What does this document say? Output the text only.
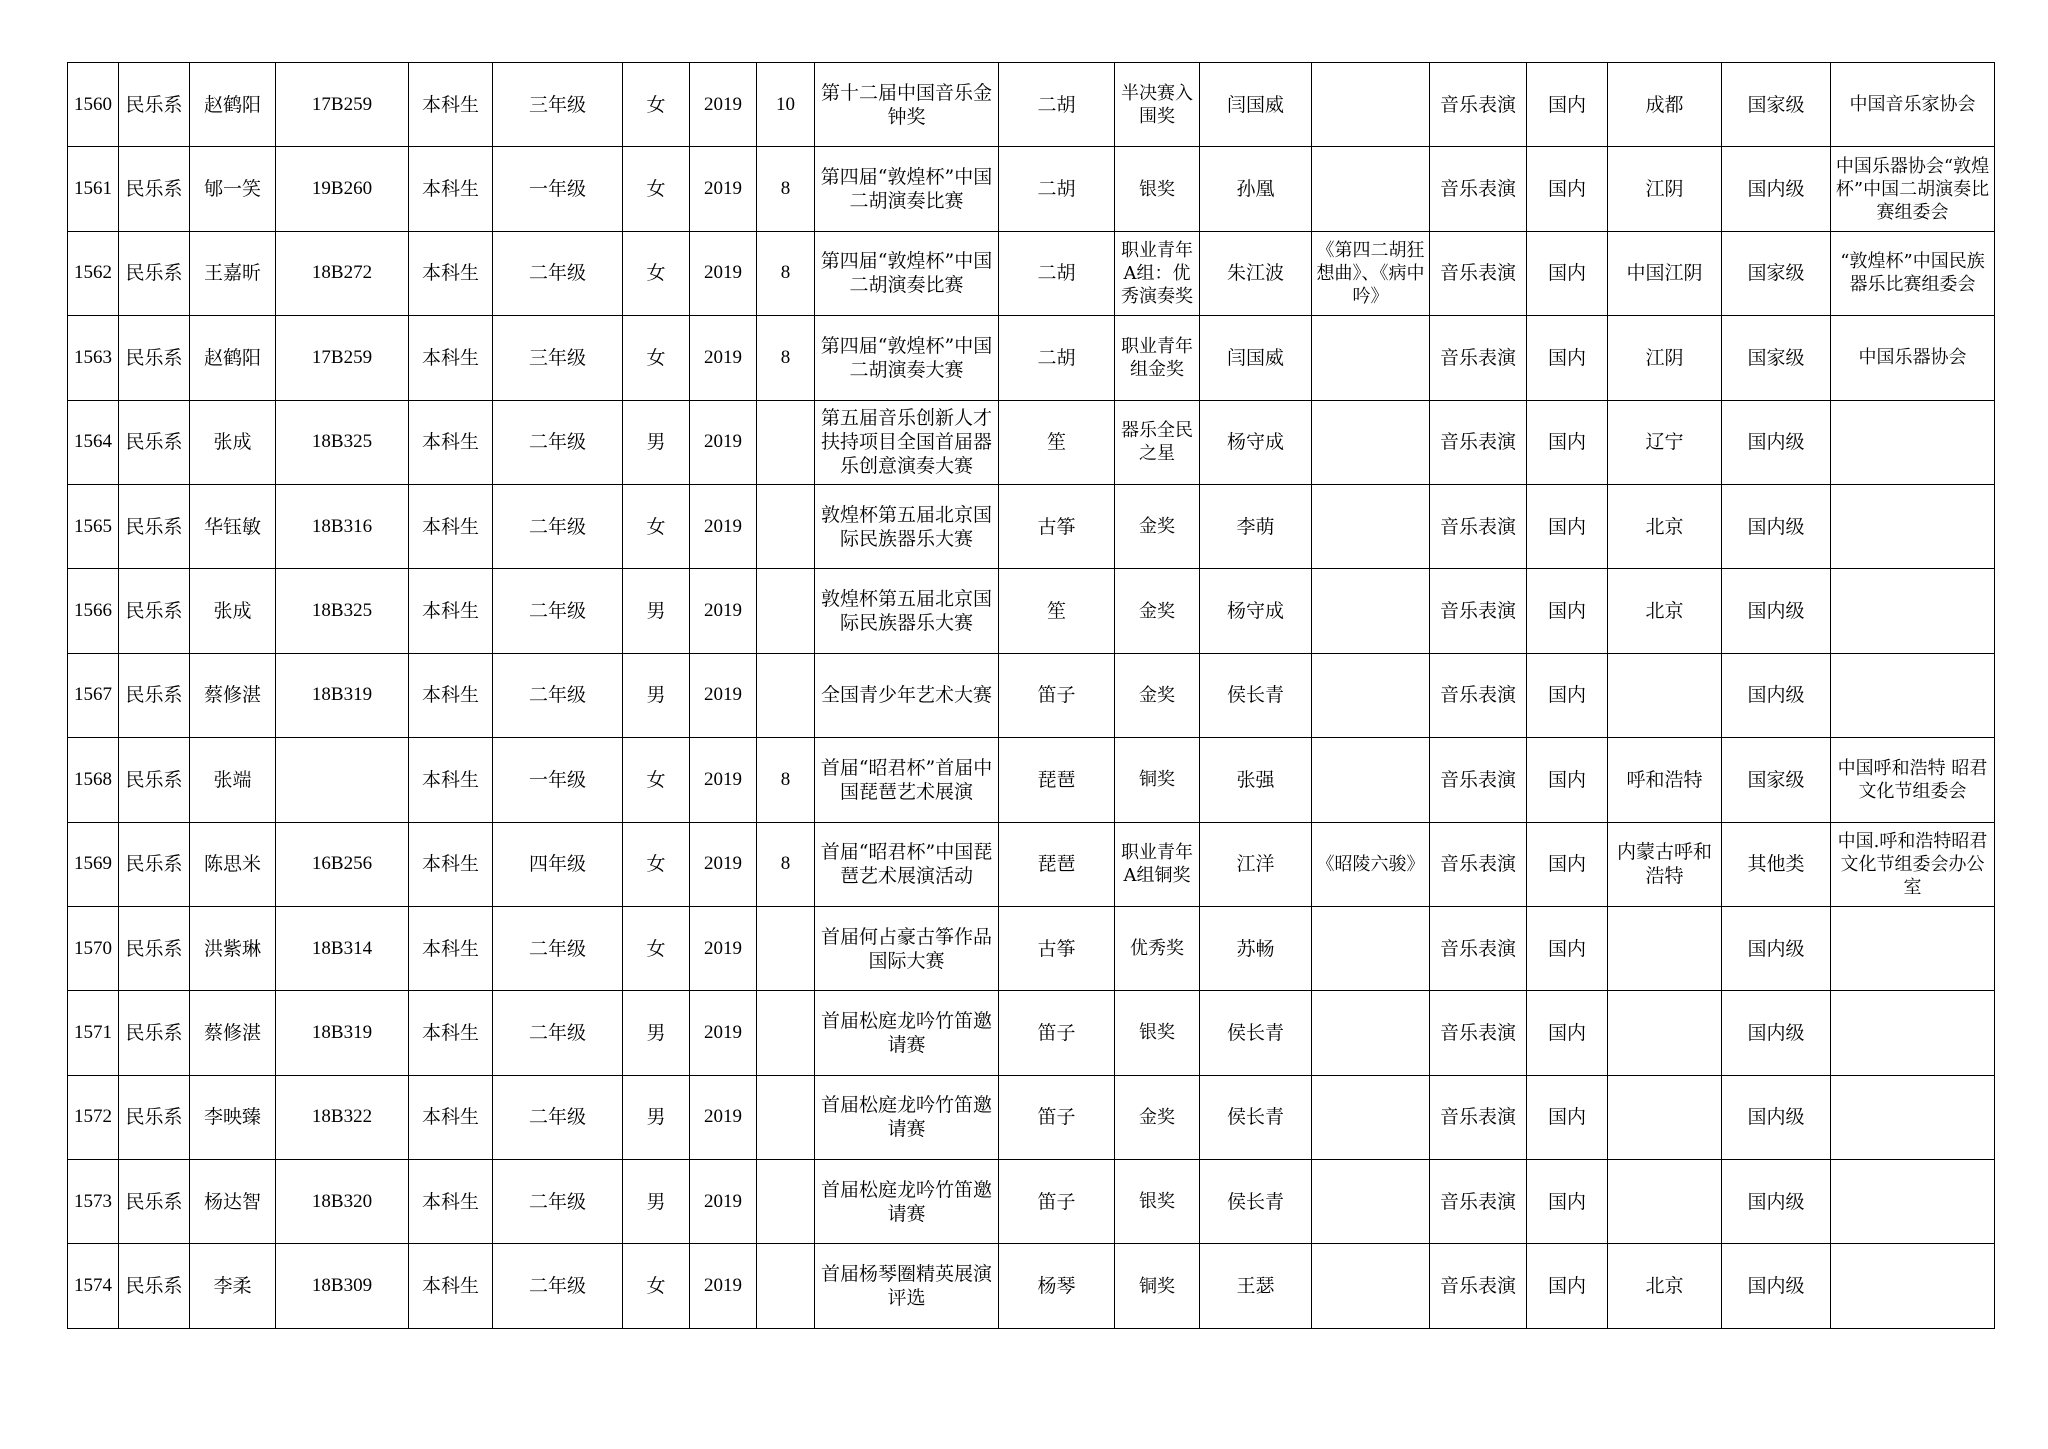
1560	民乐系	赵鹤阳	17B259	本科生	三年级	女	2019	10	第十二届中国音乐金钟奖	二胡	半决赛入围奖	闫国威		音乐表演	国内	成都	国家级	中国音乐家协会
1561	民乐系	郇一笑	19B260	本科生	一年级	女	2019	8	第四届“敦煌杯”中国二胡演奏比赛	二胡	银奖	孙凰		音乐表演	国内	江阴	国内级	中国乐器协会“敦煌杯”中国二胡演奏比赛组委会
1562	民乐系	王嘉昕	18B272	本科生	二年级	女	2019	8	第四届“敦煌杯”中国二胡演奏比赛	二胡	职业青年A组：优秀演奏奖	朱江波	《第四二胡狂想曲》、《病中吟》	音乐表演	国内	中国江阴	国家级	“敦煌杯”中国民族器乐比赛组委会
1563	民乐系	赵鹤阳	17B259	本科生	三年级	女	2019	8	第四届“敦煌杯”中国二胡演奏大赛	二胡	职业青年组金奖	闫国威		音乐表演	国内	江阴	国家级	中国乐器协会
1564	民乐系	张成	18B325	本科生	二年级	男	2019		第五届音乐创新人才扶持项目全国首届器乐创意演奏大赛	笙	器乐全民之星	杨守成		音乐表演	国内	辽宁	国内级	
1565	民乐系	华钰敏	18B316	本科生	二年级	女	2019		敦煌杯第五届北京国际民族器乐大赛	古筝	金奖	李萌		音乐表演	国内	北京	国内级	
1566	民乐系	张成	18B325	本科生	二年级	男	2019		敦煌杯第五届北京国际民族器乐大赛	笙	金奖	杨守成		音乐表演	国内	北京	国内级	
1567	民乐系	蔡修湛	18B319	本科生	二年级	男	2019		全国青少年艺术大赛	笛子	金奖	侯长青		音乐表演	国内		国内级	
1568	民乐系	张端		本科生	一年级	女	2019	8	首届“昭君杯”首届中国琵琶艺术展演	琵琶	铜奖	张强		音乐表演	国内	呼和浩特	国家级	中国呼和浩特 昭君文化节组委会
1569	民乐系	陈思米	16B256	本科生	四年级	女	2019	8	首届“昭君杯”中国琵琶艺术展演活动	琵琶	职业青年A组铜奖	江洋	《昭陵六骏》	音乐表演	国内	内蒙古呼和浩特	其他类	中国.呼和浩特昭君文化节组委会办公室
1570	民乐系	洪紫琳	18B314	本科生	二年级	女	2019		首届何占豪古筝作品国际大赛	古筝	优秀奖	苏畅		音乐表演	国内		国内级	
1571	民乐系	蔡修湛	18B319	本科生	二年级	男	2019		首届松庭龙吟竹笛邀请赛	笛子	银奖	侯长青		音乐表演	国内		国内级	
1572	民乐系	李映臻	18B322	本科生	二年级	男	2019		首届松庭龙吟竹笛邀请赛	笛子	金奖	侯长青		音乐表演	国内		国内级	
1573	民乐系	杨达智	18B320	本科生	二年级	男	2019		首届松庭龙吟竹笛邀请赛	笛子	银奖	侯长青		音乐表演	国内		国内级	
1574	民乐系	李柔	18B309	本科生	二年级	女	2019		首届杨琴圈精英展演评选	杨琴	铜奖	王瑟		音乐表演	国内	北京	国内级	
